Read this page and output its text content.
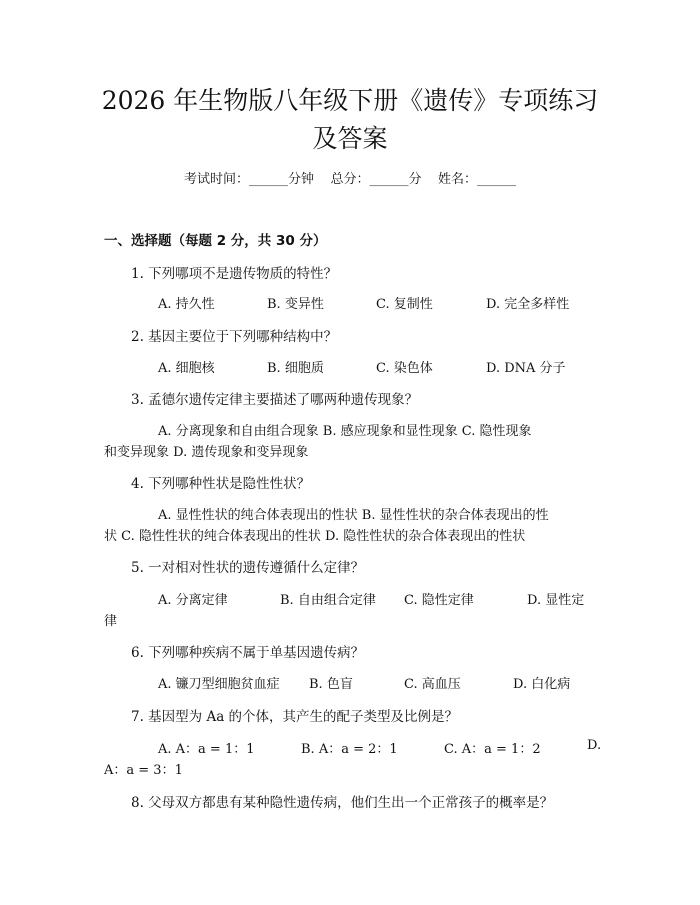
2026 年生物版八年级下册《遗传》专项练习
及答案
考试时间：______分钟    总分：______分    姓名：______
一、选择题（每题 2 分，共 30 分）
1. 下列哪项不是遗传物质的特性？
A. 持久性	B. 变异性	C. 复制性	D. 完全多样性
2. 基因主要位于下列哪种结构中？
A. 细胞核	B. 细胞质	C. 染色体	D. DNA 分子
3. 孟德尔遗传定律主要描述了哪两种遗传现象？
A. 分离现象和自由组合现象 B. 感应现象和显性现象 C. 隐性现象
和变异现象 D. 遗传现象和变异现象
4. 下列哪种性状是隐性性状？
A. 显性性状的纯合体表现出的性状 B. 显性性状的杂合体表现出的性
状 C. 隐性性状的纯合体表现出的性状 D. 隐性性状的杂合体表现出的性状
5. 一对相对性状的遗传遵循什么定律？
A. 分离定律	B. 自由组合定律 C. 隐性定律	D. 显性定
律
6. 下列哪种疾病不属于单基因遗传病？
A. 镰刀型细胞贫血症 B. 色盲	C. 高血压	D. 白化病
7. 基因型为 Aa 的个体，其产生的配子类型及比例是？
A. A：a = 1：1	B. A：a = 2：1	C. A：a = 1：2	D.
A：a = 3：1
8. 父母双方都患有某种隐性遗传病，他们生出一个正常孩子的概率是？
